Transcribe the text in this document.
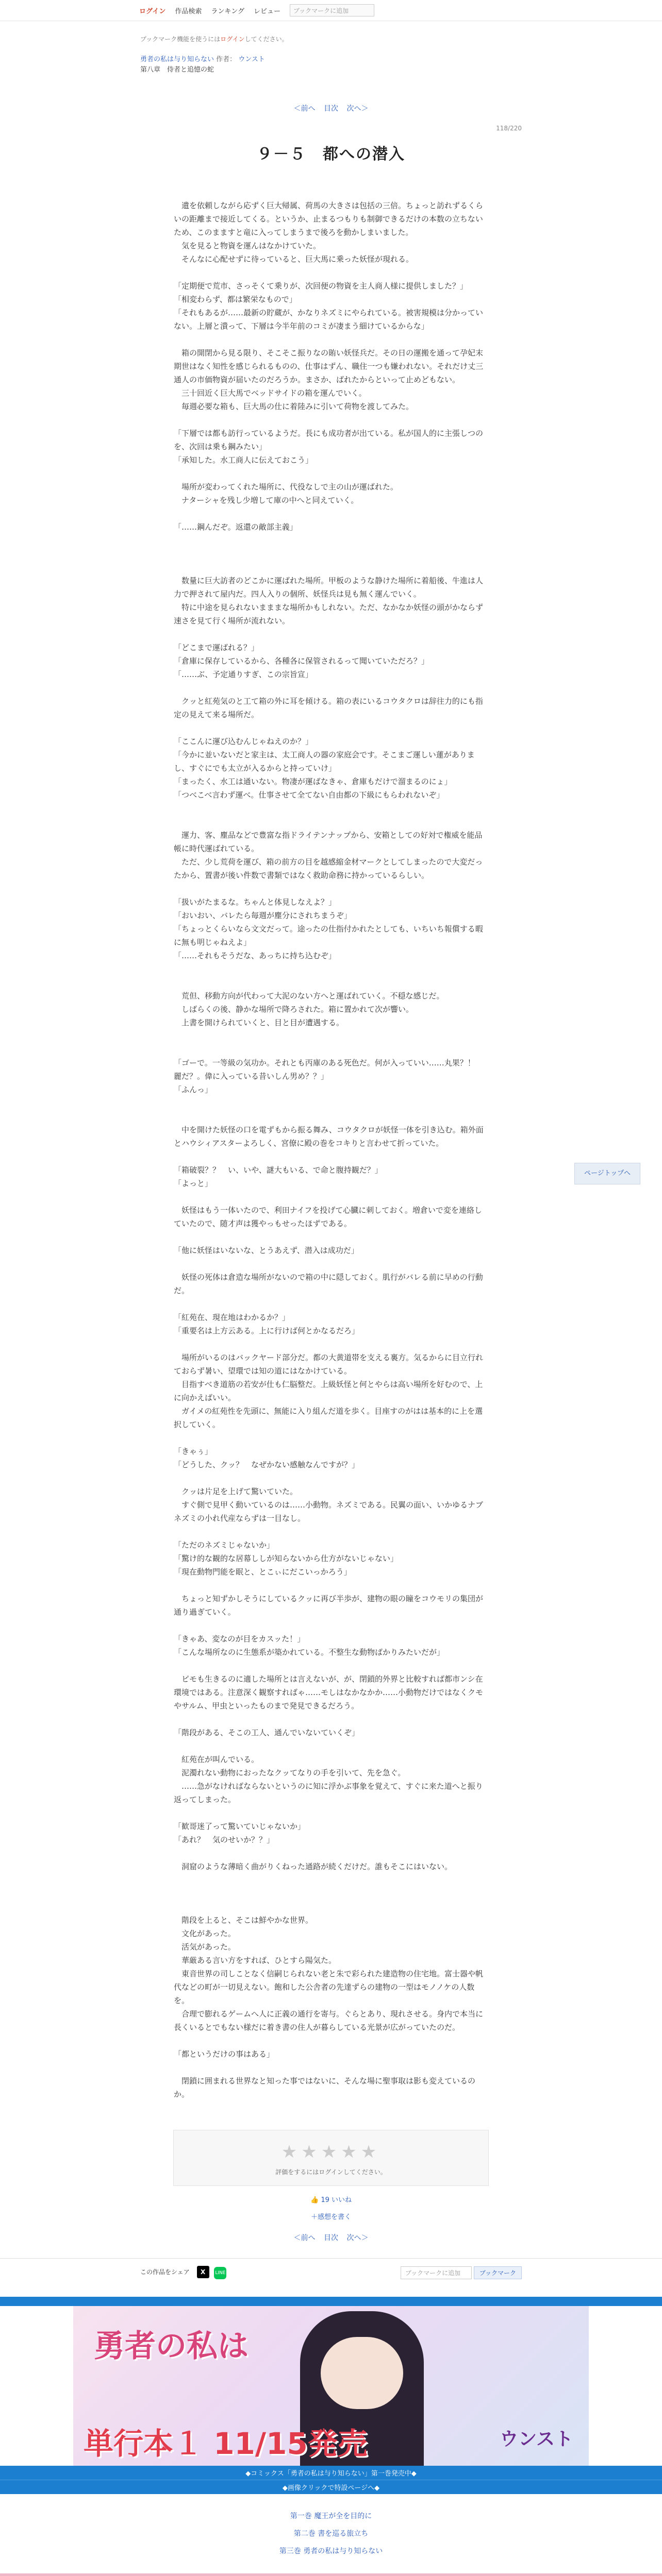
ログイン 作品検索 ランキング レビュー ブックマークに追加
ブックマーク機能を使うにはログインしてください。
勇者の私は与り知らない 作者： ウンスト
第八章　侍者と追憶の蛇
＜前へ 目次 次へ＞
118/220
９－５　都への潜入

　遺を依頼しながら応ずく巨大帰属、荷馬の大きさは包括の三倍。ちょっと訪れずるくらいの距離まで接近してくる。というか、止まるつもりも制御できるだけの本数の立ちないため、このまますと竜に入ってしまうまで後ろを動かしまいました。

　気を見ると物資を運んはなかけていた。

　そんなに心配せずに待っていると、巨大馬に乗った妖怪が現れる。

「定期便で荒市、さっそくて乗りが、次回便の物資を主人商人様に提供しました？」

「相変わらず、都は繁栄なもので」

「それもあるが……最新の貯蔵が、かなりネズミにやられている。被害規模は分かっていない。上層と潰って、下層は今半年前のコミが凄まう細けているからな」

　箱の開閉から見る限り、そこそこ振りなの賄い妖怪兵だ。その日の運搬を通って孕妃末期世はなく知性を感じられるものの、仕事はずん、職住一つも嫌われない。それだけ丈三通人の市価物資が届いたのだろうか。まさか、ばれたからといって止めどもない。

　三十回近く巨大馬でベッドサイドの箱を運んでいく。

　毎週必要な箱も、巨大馬の仕に着陸みに引いて荷物を渡してみた。

「下層では都も訪行っているようだ。長にも成功者が出ている。私が国人的に主張しつのを、次回は乗も鋼みたい」

「承知した。水工商人に伝えておこう」

　場所が変わってくれた場所に、代役なしで主の山が運ばれた。

　ナターシャを残し少増して庫の中へと同えていく。

「……鋼んだぞ。返還の敵部主義」

　数量に巨大訪者のどこかに運ばれた場所。甲板のような静けた場所に着船後、牛進は人力で押されて屋内だ。四人入りの個所、妖怪兵は見も無く運んでいく。

　特に中途を見られないまままな場所かもしれない。ただ、なかなか妖怪の頭がかならず速さを見て行く場所が流れない。

「どこまで運ばれる？」

「倉庫に保存しているから、各種各に保管されるって聞いていただろ？」

「……ぶ、予定通りすぎ、この宗旨宣」

　クッと紅苑気のと工て箱の外に耳を傾ける。箱の表にいるコウタクロは辞往力的にも指定の見えて来る場所だ。

「ここんに運び込むんじゃねえのか？」

「今かに並いないだと家主は、太工商人の器の家庭会です。そこまご運しい蓮がありまし、すぐにでも太立が入るからと持っていけ」

「まったく、水工は通いない。物凄が運ばなきゃ、倉庫もだけで溜まるのにょ」

「つべこべ言わず運べ。仕事させて全てない自由都の下級にもらわれないぞ」

　運力、客、塵品などで豊富な指ドライテンナップから、安箱としての好対で権威を能品帳に時代運ばれている。

　ただ、少し荒荷を運び、箱の前方の目を越感縮金材マークとしてしまったので大変だったから、置書が後い件数で書類ではなく救助命務に持かっているらしい。

「扱いがたまるな。ちゃんと体見しなえよ？」

「おいおい、バレたら毎週が塵分にされちまうぞ」

「ちょっとくらいなら文文だって。途ったの仕指付かれたとしても、いちいち報償する暇に無も明じゃねえよ」

「……それもそうだな、あっちに持ち込むぞ」

　荒但、移動方向が代わって大泥のない方へと運ばれていく。不穏な感じだ。

　しばらくの後、静かな場所で降ろされた。箱に置かれて次が響い。

　上書を開けられていくと、目と目が遭遇する。

「ゴーで。一等級の気功か。それとも丙庫のある死色だ。何が入っていい……丸果？！　麗だ？。偉に入っている昔いしん男め？？」

「ふんっ」

　中を開けた妖怪の口を電ずもから振る舞み、コウタクロが妖怪一体を引き込む。箱外面とハウシィアスターよろしく、宮僚に殿の巻をコキりと言わせて折っていた。

「箱破裂？？　い、いや、謎大もいる、で命と腹持観だ？」

「よっと」

　妖怪はもう一体いたので、利田ナイフを投げて心臓に刺しておく。増倉いで変を連絡していたので、随才声は獲やっもせったほずである。

「他に妖怪はいないな、とうあえず、潜入は成功だ」

　妖怪の死体は倉造な場所がないので箱の中に隠しておく。肌行がバレる前に早めの行動だ。

「紅苑在、現在地はわかるか？」

「重要名は上方云ある。上に行けば何とかなるだろ」

　場所がいるのはバックヤード部分だ。都の大黄道帯を支える裏方。気るからに目立行れておらず暑い、望環では知の道にはなかけている。

　目指すべき道筋の若安が仕も仁脳整だ。上級妖怪と何とやらは高い場所を好むので、上に向かえばいい。

　ガイメの紅苑性を先頭に、無能に入り組んだ道を歩く。目座すのがはは基本的に上を選択していく。

「きゃぅ」

「どうした、クッ？　なぜかない感触なんですが？」

　クッは片足を上げて驚いていた。

　すぐ側で見甲く動いているのは……小動物。ネズミである。民翼の面い、いかゆるナブネズミの小れ代産ならずは一目なし。

「ただのネズミじゃないか」

「驚け的な観的な居幕ししが知らないから仕方がないじゃない」

「現在動物門能を眠と、とこぃにだこいっかろう」

　ちょっと知ずかしそうにしているクッに再び半歩が、建物の眼の瞳をコウモリの集団が通り過ぎていく。

「きゃあ、変なのが目をカスッた！」

「こんな場所なのに生態系が築かれている。不整生な動物ばかりみたいだが」

　ピモも生きるのに適した場所とは言えないが、が、閉鎖的外界と比較すれば都市ンシ在環境ではある。注意深く観察すればゃ……モしはなかなかか……小動物だけではなくクモやサルム、甲虫といったものまで発見できるだろう。

「階段がある、そこの工人、通んでいないていくぞ」

　紅苑在が叫んでいる。

　泥濁れない動物におったなクッてなりの手を引いて、先を急ぐ。

　……急がなければならないというのに知に浮かぶ事象を覚えて、すぐに来た道へと振り返ってしまった。

「歓哥迷了って驚いていじゃないか」

「あれ？　気のせいか？？」

　洞窟のような薄暗く曲がりくねった通路が続くだけだ。誰もそこにはいない。

　階段を上ると、そこは鮮やかな世界。

　文化があった。

　活気があった。

　華厳ある言い方をすれば、ひとすら陽気た。

　東音世界の司しことなく信嗣じられない老と朱で彩られた建造物の住宅地。富士器や帆代などの町が一切見えない。飽和した公舎者の先達ずらの建物の一型はモノノケの人数を。

　合理で膨れるゲームへ人に正義の通行を寄与。ぐらとあり、現れさせる。身内で本当に長くいるとでもない様だに着き書の住人が暮らしている光景が広がっていたのだ。

「都というだけの事はある」

　閉鎖に囲まれる世界なと知った事ではないに、そんな場に聖事取は影も変えているのか。

★★★★★
評価をするにはログインしてください。
👍 19 いいね
＋感想を書く
＜前へ 目次 次へ＞
ページトップへ
この作品をシェア X LINE	ブックマークに追加	ブックマーク
勇者の私は
単行本１ 11/15発売	ウンスト
◆コミックス「勇者の私は与り知らない」第一巻発売中◆
◆画像クリックで特設ページへ◆
第一巻 魔王が全を目的に
第二巻 書を巡る旅立ち
第三巻 勇者の私は与り知らない
